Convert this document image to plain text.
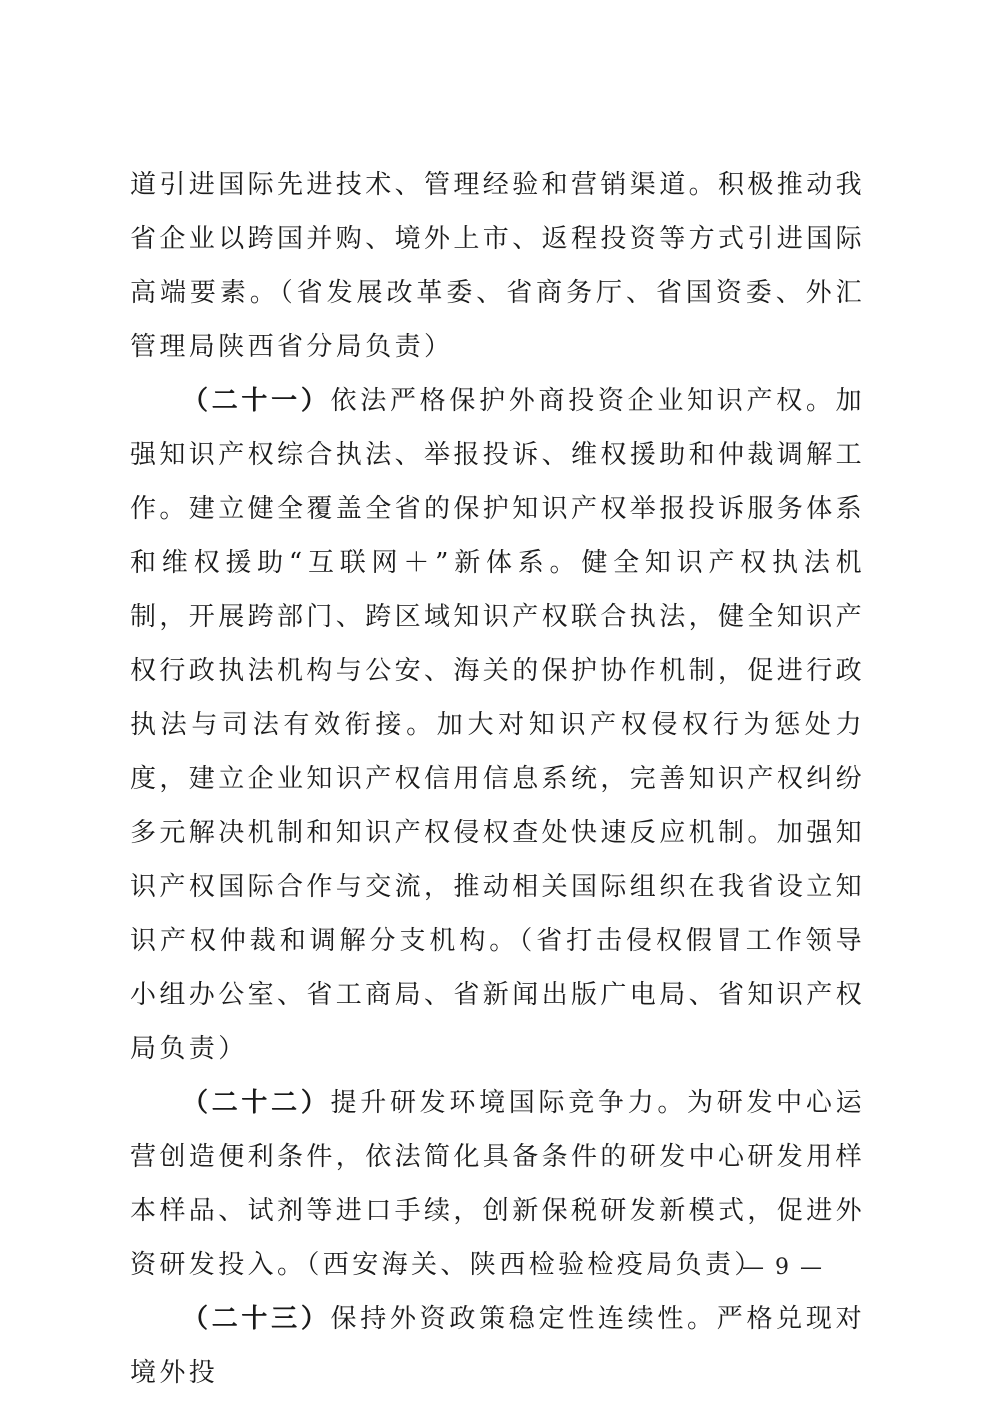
道引进国际先进技术、管理经验和营销渠道。积极推动我省企业以跨国并购、境外上市、返程投资等方式引进国际高端要素。（省发展改革委、省商务厅、省国资委、外汇管理局陕西省分局负责）

（二十一）依法严格保护外商投资企业知识产权。加强知识产权综合执法、举报投诉、维权援助和仲裁调解工作。建立健全覆盖全省的保护知识产权举报投诉服务体系和维权援助“互联网＋”新体系。健全知识产权执法机制，开展跨部门、跨区域知识产权联合执法，健全知识产权行政执法机构与公安、海关的保护协作机制，促进行政执法与司法有效衔接。加大对知识产权侵权行为惩处力度，建立企业知识产权信用信息系统，完善知识产权纠纷多元解决机制和知识产权侵权查处快速反应机制。加强知识产权国际合作与交流，推动相关国际组织在我省设立知识产权仲裁和调解分支机构。（省打击侵权假冒工作领导小组办公室、省工商局、省新闻出版广电局、省知识产权局负责）

（二十二）提升研发环境国际竞争力。为研发中心运营创造便利条件，依法简化具备条件的研发中心研发用样本样品、试剂等进口手续，创新保税研发新模式，促进外资研发投入。（西安海关、陕西检验检疫局负责）

（二十三）保持外资政策稳定性连续性。严格兑现对境外投

— 9 —
